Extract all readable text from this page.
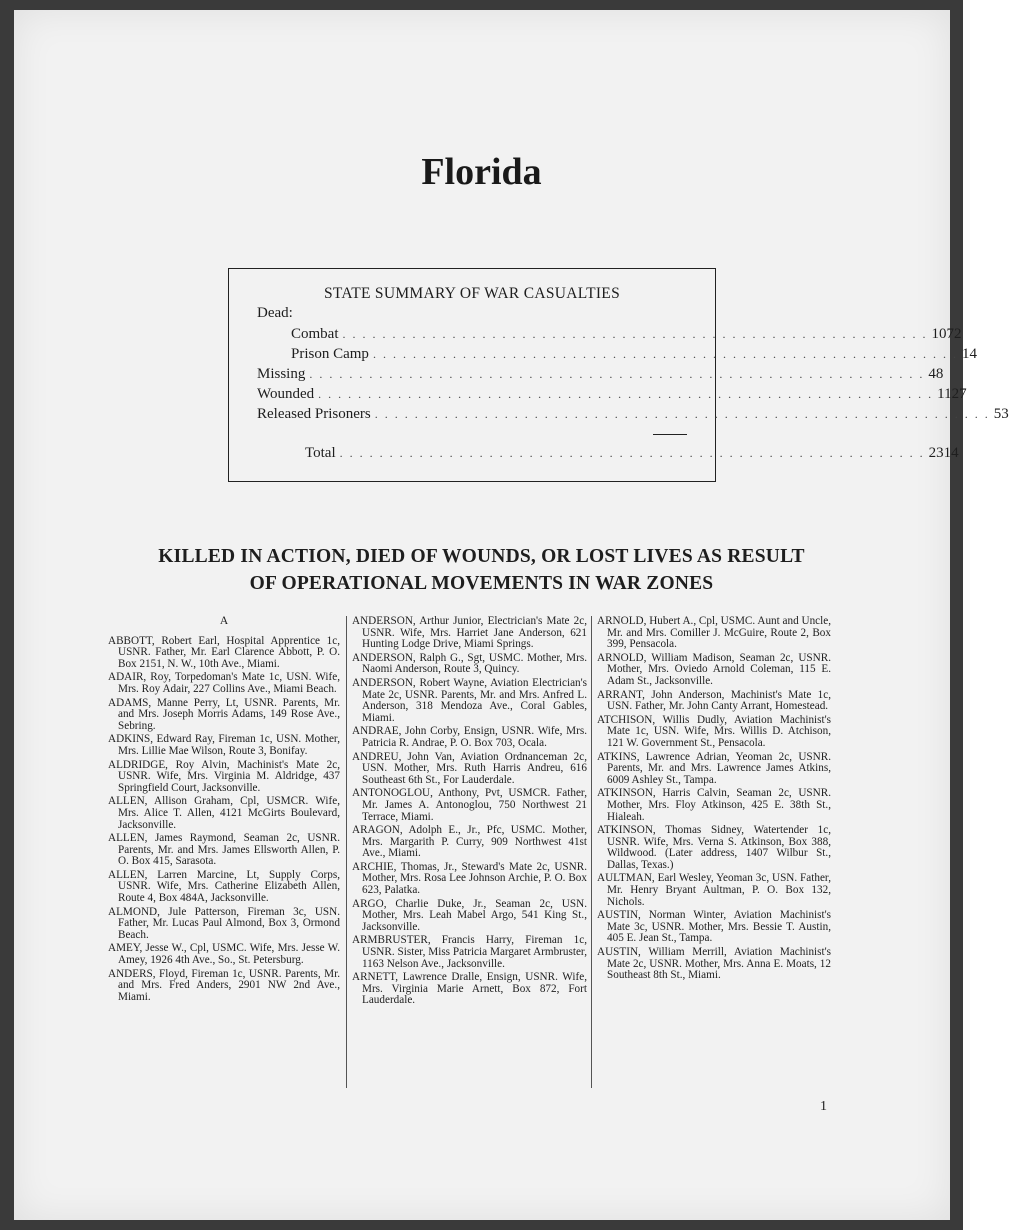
Florida
STATE SUMMARY OF WAR CASUALTIES
Dead:
Combat . . . . . . . . . . . . . . . . . . . . . . . . . . . . . . . . . . . . . . . . . . . . . . . . . . . . . . . . . . . 1072
Prison Camp . . . . . . . . . . . . . . . . . . . . . . . . . . . . . . . . . . . . . . . . . . . . . . . . . . . . . . . . . . . 14
Missing . . . . . . . . . . . . . . . . . . . . . . . . . . . . . . . . . . . . . . . . . . . . . . . . . . . . . . . . . . . . . . 48
Wounded . . . . . . . . . . . . . . . . . . . . . . . . . . . . . . . . . . . . . . . . . . . . . . . . . . . . . . . . . . . . . . 1127
Released Prisoners . . . . . . . . . . . . . . . . . . . . . . . . . . . . . . . . . . . . . . . . . . . . . . . . . . . . . . . . . . . . . . 53
Total . . . . . . . . . . . . . . . . . . . . . . . . . . . . . . . . . . . . . . . . . . . . . . . . . . . . . . . . . . . 2314
KILLED IN ACTION, DIED OF WOUNDS, OR LOST LIVES AS RESULT
OF OPERATIONAL MOVEMENTS IN WAR ZONES
A
ABBOTT, Robert Earl, Hospital Apprentice 1c, USNR. Father, Mr. Earl Clarence Abbott, P. O. Box 2151, N. W., 10th Ave., Miami.
ADAIR, Roy, Torpedoman's Mate 1c, USN. Wife, Mrs. Roy Adair, 227 Collins Ave., Miami Beach.
ADAMS, Manne Perry, Lt, USNR. Parents, Mr. and Mrs. Joseph Morris Adams, 149 Rose Ave., Sebring.
ADKINS, Edward Ray, Fireman 1c, USN. Mother, Mrs. Lillie Mae Wilson, Route 3, Bonifay.
ALDRIDGE, Roy Alvin, Machinist's Mate 2c, USNR. Wife, Mrs. Virginia M. Aldridge, 437 Springfield Court, Jacksonville.
ALLEN, Allison Graham, Cpl, USMCR. Wife, Mrs. Alice T. Allen, 4121 McGirts Boulevard, Jacksonville.
ALLEN, James Raymond, Seaman 2c, USNR. Parents, Mr. and Mrs. James Ellsworth Allen, P. O. Box 415, Sarasota.
ALLEN, Larren Marcine, Lt, Supply Corps, USNR. Wife, Mrs. Catherine Elizabeth Allen, Route 4, Box 484A, Jacksonville.
ALMOND, Jule Patterson, Fireman 3c, USN. Father, Mr. Lucas Paul Almond, Box 3, Ormond Beach.
AMEY, Jesse W., Cpl, USMC. Wife, Mrs. Jesse W. Amey, 1926 4th Ave., So., St. Petersburg.
ANDERS, Floyd, Fireman 1c, USNR. Parents, Mr. and Mrs. Fred Anders, 2901 NW 2nd Ave., Miami.
ANDERSON, Arthur Junior, Electrician's Mate 2c, USNR. Wife, Mrs. Harriet Jane Anderson, 621 Hunting Lodge Drive, Miami Springs.
ANDERSON, Ralph G., Sgt, USMC. Mother, Mrs. Naomi Anderson, Route 3, Quincy.
ANDERSON, Robert Wayne, Aviation Electrician's Mate 2c, USNR. Parents, Mr. and Mrs. Anfred L. Anderson, 318 Mendoza Ave., Coral Gables, Miami.
ANDRAE, John Corby, Ensign, USNR. Wife, Mrs. Patricia R. Andrae, P. O. Box 703, Ocala.
ANDREU, John Van, Aviation Ordnanceman 2c, USN. Mother, Mrs. Ruth Harris Andreu, 616 Southeast 6th St., For Lauderdale.
ANTONOGLOU, Anthony, Pvt, USMCR. Father, Mr. James A. Antonoglou, 750 Northwest 21 Terrace, Miami.
ARAGON, Adolph E., Jr., Pfc, USMC. Mother, Mrs. Margarith P. Curry, 909 Northwest 41st Ave., Miami.
ARCHIE, Thomas, Jr., Steward's Mate 2c, USNR. Mother, Mrs. Rosa Lee Johnson Archie, P. O. Box 623, Palatka.
ARGO, Charlie Duke, Jr., Seaman 2c, USN. Mother, Mrs. Leah Mabel Argo, 541 King St., Jacksonville.
ARMBRUSTER, Francis Harry, Fireman 1c, USNR. Sister, Miss Patricia Margaret Armbruster, 1163 Nelson Ave., Jacksonville.
ARNETT, Lawrence Dralle, Ensign, USNR. Wife, Mrs. Virginia Marie Arnett, Box 872, Fort Lauderdale.
ARNOLD, Hubert A., Cpl, USMC. Aunt and Uncle, Mr. and Mrs. Comiller J. McGuire, Route 2, Box 399, Pensacola.
ARNOLD, William Madison, Seaman 2c, USNR. Mother, Mrs. Oviedo Arnold Coleman, 115 E. Adam St., Jacksonville.
ARRANT, John Anderson, Machinist's Mate 1c, USN. Father, Mr. John Canty Arrant, Homestead.
ATCHISON, Willis Dudly, Aviation Machinist's Mate 1c, USN. Wife, Mrs. Willis D. Atchison, 121 W. Government St., Pensacola.
ATKINS, Lawrence Adrian, Yeoman 2c, USNR. Parents, Mr. and Mrs. Lawrence James Atkins, 6009 Ashley St., Tampa.
ATKINSON, Harris Calvin, Seaman 2c, USNR. Mother, Mrs. Floy Atkinson, 425 E. 38th St., Hialeah.
ATKINSON, Thomas Sidney, Watertender 1c, USNR. Wife, Mrs. Verna S. Atkinson, Box 388, Wildwood. (Later address, 1407 Wilbur St., Dallas, Texas.)
AULTMAN, Earl Wesley, Yeoman 3c, USN. Father, Mr. Henry Bryant Aultman, P. O. Box 132, Nichols.
AUSTIN, Norman Winter, Aviation Machinist's Mate 3c, USNR. Mother, Mrs. Bessie T. Austin, 405 E. Jean St., Tampa.
AUSTIN, William Merrill, Aviation Machinist's Mate 2c, USNR. Mother, Mrs. Anna E. Moats, 12 Southeast 8th St., Miami.
1
